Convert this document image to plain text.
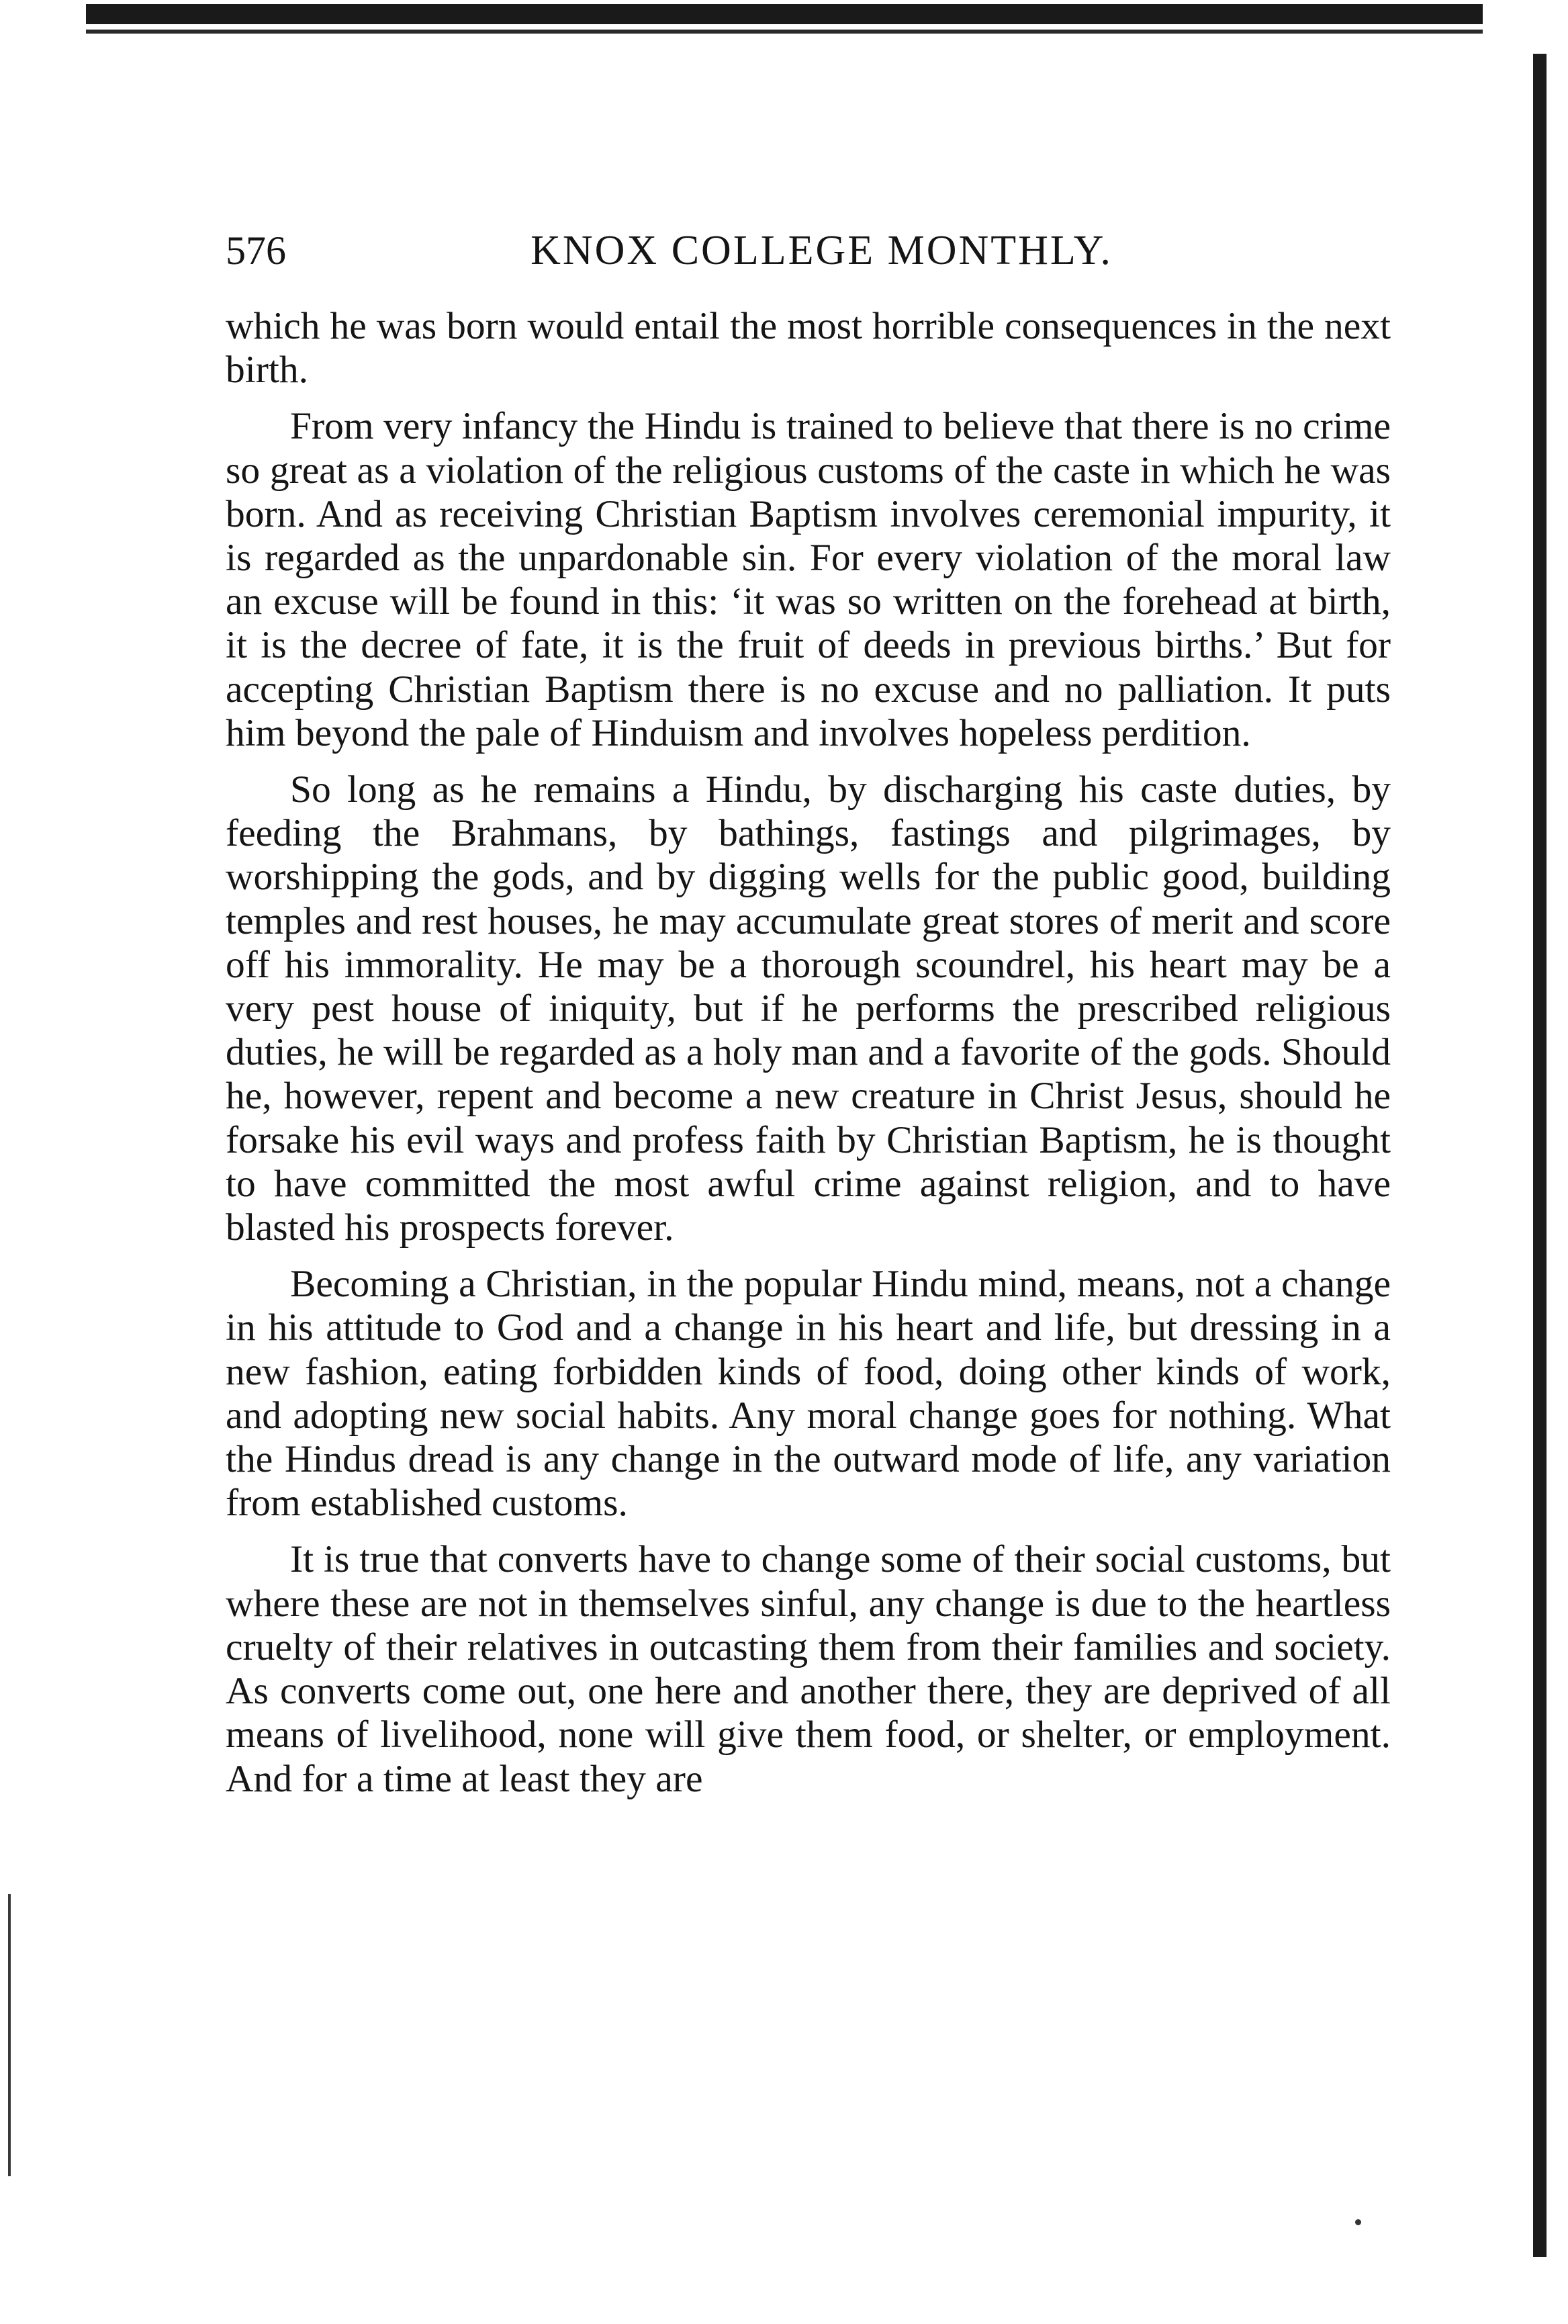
576	KNOX COLLEGE MONTHLY.

which he was born would entail the most horrible consequences in the next birth.

From very infancy the Hindu is trained to believe that there is no crime so great as a violation of the religious customs of the caste in which he was born. And as receiving Christian Baptism involves ceremonial impurity, it is regarded as the unpardonable sin. For every violation of the moral law an excuse will be found in this: ‘it was so written on the forehead at birth, it is the decree of fate, it is the fruit of deeds in previous births.’ But for accepting Christian Baptism there is no excuse and no palliation. It puts him beyond the pale of Hinduism and involves hopeless perdition.

So long as he remains a Hindu, by discharging his caste duties, by feeding the Brahmans, by bathings, fastings and pilgrimages, by worshipping the gods, and by digging wells for the public good, building temples and rest houses, he may accumulate great stores of merit and score off his immorality. He may be a thorough scoundrel, his heart may be a very pest house of iniquity, but if he performs the prescribed religious duties, he will be regarded as a holy man and a favorite of the gods. Should he, however, repent and become a new creature in Christ Jesus, should he forsake his evil ways and profess faith by Christian Baptism, he is thought to have committed the most awful crime against religion, and to have blasted his prospects forever.

Becoming a Christian, in the popular Hindu mind, means, not a change in his attitude to God and a change in his heart and life, but dressing in a new fashion, eating forbidden kinds of food, doing other kinds of work, and adopting new social habits. Any moral change goes for nothing. What the Hindus dread is any change in the outward mode of life, any variation from established customs.

It is true that converts have to change some of their social customs, but where these are not in themselves sinful, any change is due to the heartless cruelty of their relatives in outcasting them from their families and society. As converts come out, one here and another there, they are deprived of all means of livelihood, none will give them food, or shelter, or employment. And for a time at least they are
